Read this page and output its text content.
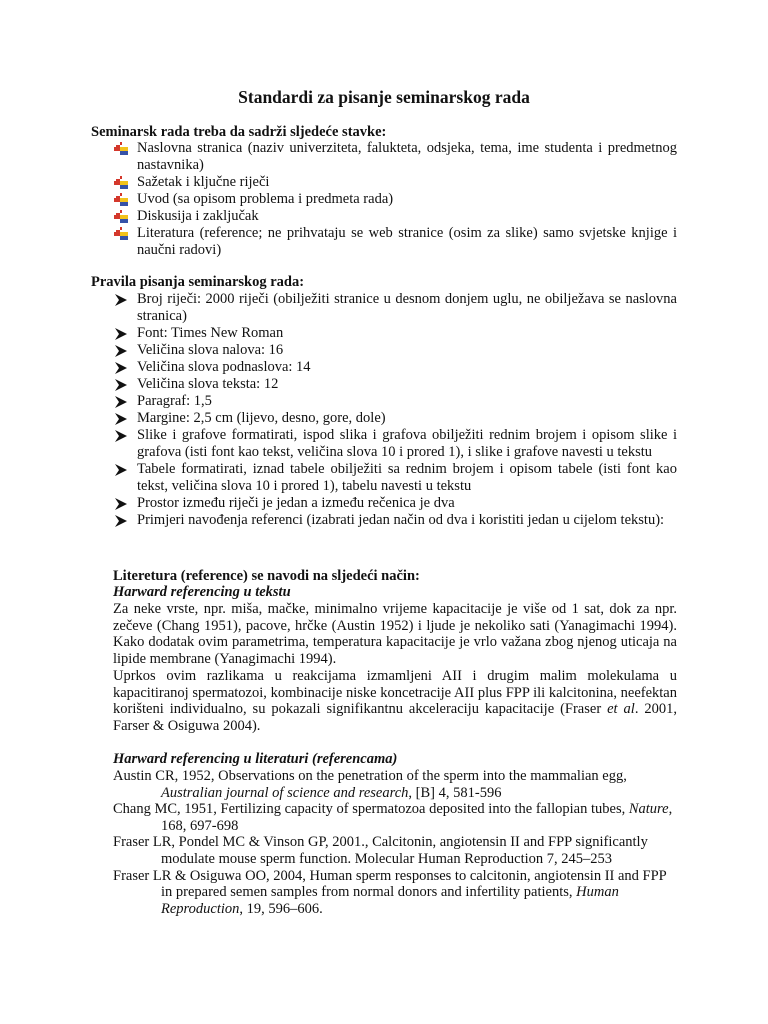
Standardi za pisanje seminarskog rada
Seminarsk rada treba da sadrži sljedeće stavke:
Naslovna stranica (naziv univerziteta, falukteta, odsjeka, tema, ime studenta i predmetnog nastavnika)
Sažetak i ključne riječi
Uvod (sa opisom problema i predmeta rada)
Diskusija i zaključak
Literatura (reference; ne prihvataju se web stranice (osim za slike) samo svjetske knjige i naučni radovi)
Pravila pisanja seminarskog rada:
Broj riječi: 2000 riječi (obilježiti stranice u desnom donjem uglu, ne obilježava se naslovna stranica)
Font: Times New Roman
Veličina slova nalova: 16
Veličina slova podnaslova: 14
Veličina slova teksta: 12
Paragraf: 1,5
Margine: 2,5 cm (lijevo, desno, gore, dole)
Slike i grafove formatirati, ispod slika i grafova obilježiti rednim brojem i opisom slike i grafova (isti font kao tekst, veličina slova 10 i prored 1), i slike i grafove navesti u tekstu
Tabele formatirati, iznad tabele obilježiti sa rednim brojem i opisom tabele (isti font kao tekst, veličina slova 10 i prored 1), tabelu navesti u tekstu
Prostor između riječi je jedan a između rečenica je dva
Primjeri navođenja referenci (izabrati jedan način od dva i koristiti jedan u cijelom tekstu):
Literetura (reference) se navodi na sljedeći način:
Harward referencing u tekstu

Za neke vrste, npr. miša, mačke, minimalno vrijeme kapacitacije je više od 1 sat, dok za npr. zečeve (Chang 1951), pacove, hrčke (Austin 1952) i ljude je nekoliko sati (Yanagimachi 1994). Kako dodatak ovim parametrima, temperatura kapacitacije je vrlo važana zbog njenog uticaja na lipide membrane (Yanagimachi 1994).

Uprkos ovim razlikama u reakcijama izmamljeni AII i drugim malim molekulama u kapacitiranoj spermatozoi, kombinacije niske koncetracije AII plus FPP ili kalcitonina, neefektan korišteni individualno, su pokazali signifikantnu akceleraciju kapacitacije (Fraser et al. 2001, Farser & Osiguwa 2004).

Harward referencing u literaturi (referencama)
Austin CR, 1952, Observations on the penetration of the sperm into the mammalian egg, Australian journal of science and research, [B] 4, 581-596
Chang MC, 1951, Fertilizing capacity of spermatozoa deposited into the fallopian tubes, Nature, 168, 697-698
Fraser LR, Pondel MC & Vinson GP, 2001., Calcitonin, angiotensin II and FPP significantly modulate mouse sperm function. Molecular Human Reproduction 7, 245–253
Fraser LR & Osiguwa OO, 2004, Human sperm responses to calcitonin, angiotensin II and FPP in prepared semen samples from normal donors and infertility patients, Human Reproduction, 19, 596–606.
